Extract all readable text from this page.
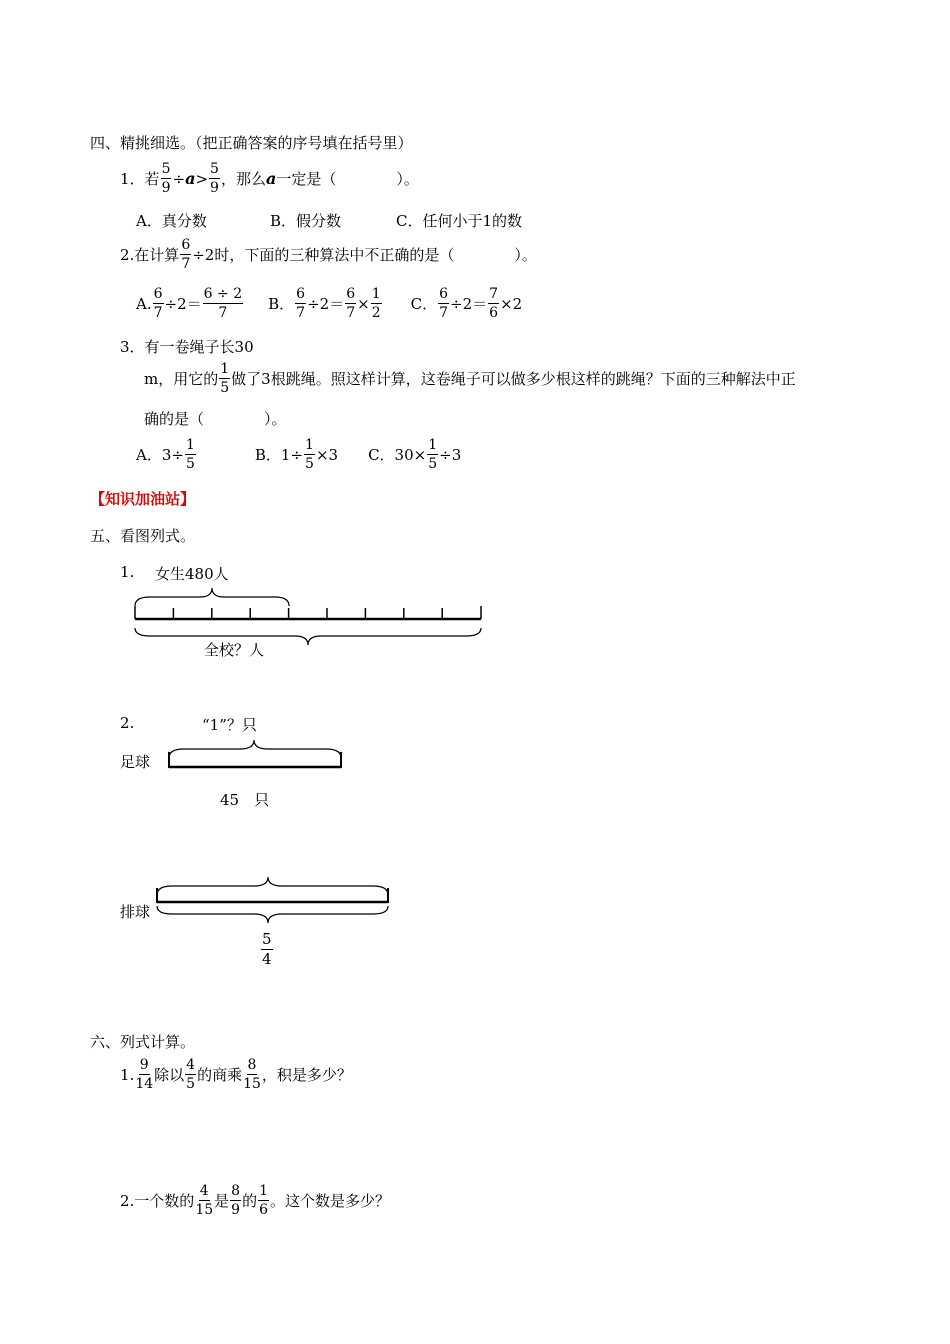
四、精挑细选。（把正确答案的序号填在括号里）
1． 若 $\frac{5}{9} \div a > \frac{5}{9}$ ，那么 a 一定是（　　　　）。
A．真分数	B．假分数	C．任何小于1的数
2.在计算 $\frac{6}{7} \div 2$时，下面的三种算法中不正确的是（　　　　）。
A. $\frac{6}{7} \div 2= \frac{6 \div 2}{7}$ B． $\frac{6}{7} \div 2= \frac{6}{7} \times \frac{1}{2}$ C． $\frac{6}{7} \div 2= \frac{7}{6} \times 2$
3．有一卷绳子长30
m，用它的 $\frac{1}{5}$ 做了3根跳绳。照这样计算，这卷绳子可以做多少根这样的跳绳？下面的三种解法中正
确的是（　　　　）。
A．$3\div \frac{1}{5}$	B．$1\div \frac{1}{5} \times 3$ C．$30\times \frac{1}{5} \div 3$
【知识加油站】
五、看图列式。
1. 女生480人
全校？人
2.	“1”？只
足球
45　只
排球
$\frac{5}{4}$
六、列式计算。
1. $\frac{9}{14}$ 除以 $\frac{4}{5}$ 的商乘 $\frac{8}{15}$ ，积是多少？
2.一个数的 $\frac{4}{15}$ 是 $\frac{8}{9}$ 的 $\frac{1}{6}$ 。这个数是多少？
